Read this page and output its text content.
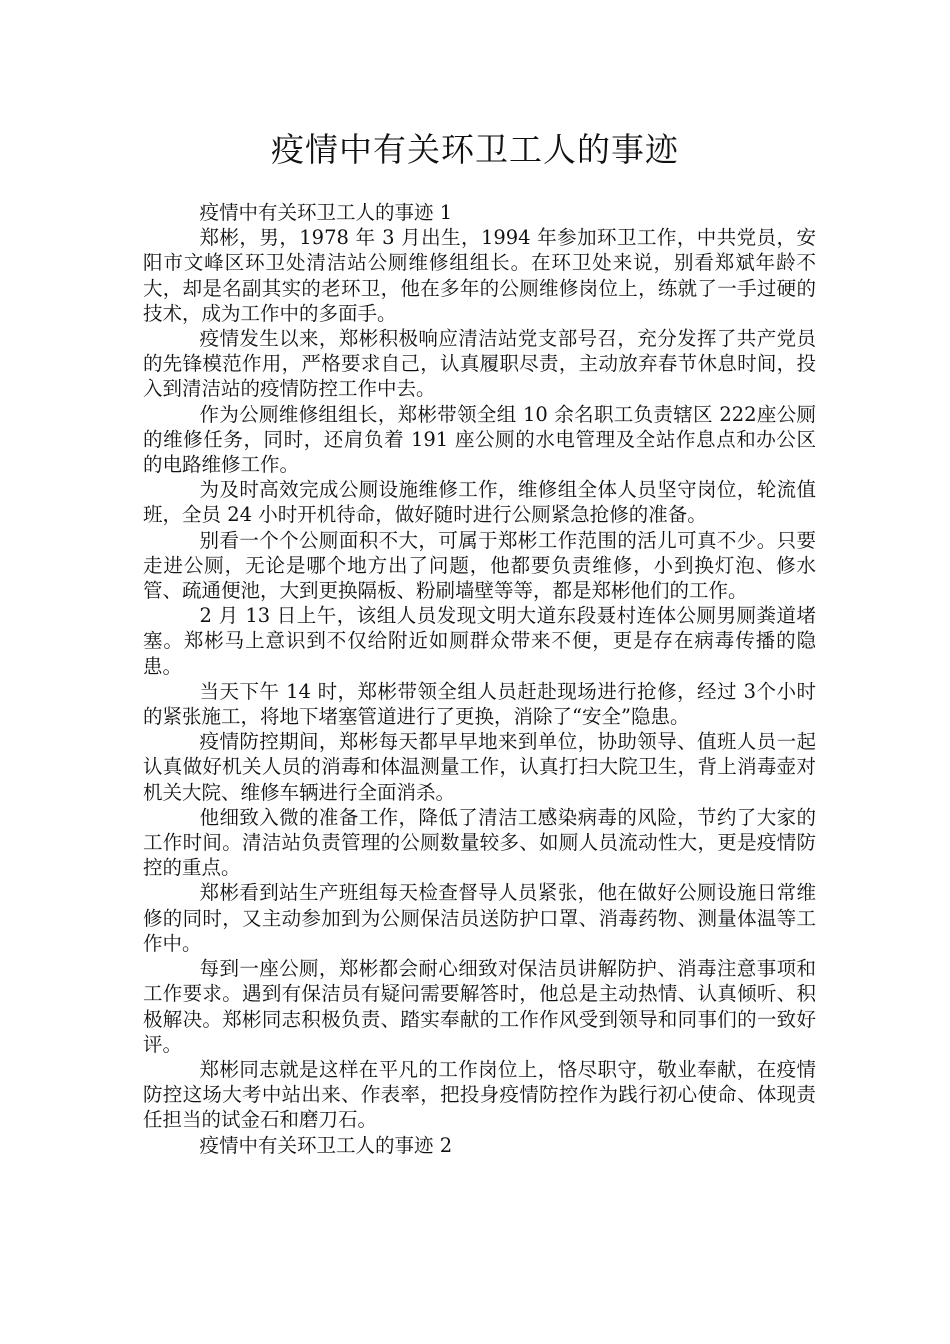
疫情中有关环卫工人的事迹

疫情中有关环卫工人的事迹 1

郑彬，男，1978 年 3 月出生，1994 年参加环卫工作，中共党员，安阳市文峰区环卫处清洁站公厕维修组组长。在环卫处来说，别看郑斌年龄不大，却是名副其实的老环卫，他在多年的公厕维修岗位上，练就了一手过硬的技术，成为工作中的多面手。

疫情发生以来，郑彬积极响应清洁站党支部号召，充分发挥了共产党员的先锋模范作用，严格要求自己，认真履职尽责，主动放弃春节休息时间，投入到清洁站的疫情防控工作中去。

作为公厕维修组组长，郑彬带领全组 10 余名职工负责辖区 222座公厕的维修任务，同时，还肩负着 191 座公厕的水电管理及全站作息点和办公区的电路维修工作。

为及时高效完成公厕设施维修工作，维修组全体人员坚守岗位，轮流值班，全员 24 小时开机待命，做好随时进行公厕紧急抢修的准备。

别看一个个公厕面积不大，可属于郑彬工作范围的活儿可真不少。只要走进公厕，无论是哪个地方出了问题，他都要负责维修，小到换灯泡、修水管、疏通便池，大到更换隔板、粉刷墙壁等等，都是郑彬他们的工作。

2 月 13 日上午，该组人员发现文明大道东段聂村连体公厕男厕粪道堵塞。郑彬马上意识到不仅给附近如厕群众带来不便，更是存在病毒传播的隐患。

当天下午 14 时，郑彬带领全组人员赶赴现场进行抢修，经过 3个小时的紧张施工，将地下堵塞管道进行了更换，消除了“安全”隐患。

疫情防控期间，郑彬每天都早早地来到单位，协助领导、值班人员一起认真做好机关人员的消毒和体温测量工作，认真打扫大院卫生，背上消毒壶对机关大院、维修车辆进行全面消杀。

他细致入微的准备工作，降低了清洁工感染病毒的风险，节约了大家的工作时间。清洁站负责管理的公厕数量较多、如厕人员流动性大，更是疫情防控的重点。

郑彬看到站生产班组每天检查督导人员紧张，他在做好公厕设施日常维修的同时，又主动参加到为公厕保洁员送防护口罩、消毒药物、测量体温等工作中。

每到一座公厕，郑彬都会耐心细致对保洁员讲解防护、消毒注意事项和工作要求。遇到有保洁员有疑问需要解答时，他总是主动热情、认真倾听、积极解决。郑彬同志积极负责、踏实奉献的工作作风受到领导和同事们的一致好评。

郑彬同志就是这样在平凡的工作岗位上，恪尽职守，敬业奉献，在疫情防控这场大考中站出来、作表率，把投身疫情防控作为践行初心使命、体现责任担当的试金石和磨刀石。

疫情中有关环卫工人的事迹 2
